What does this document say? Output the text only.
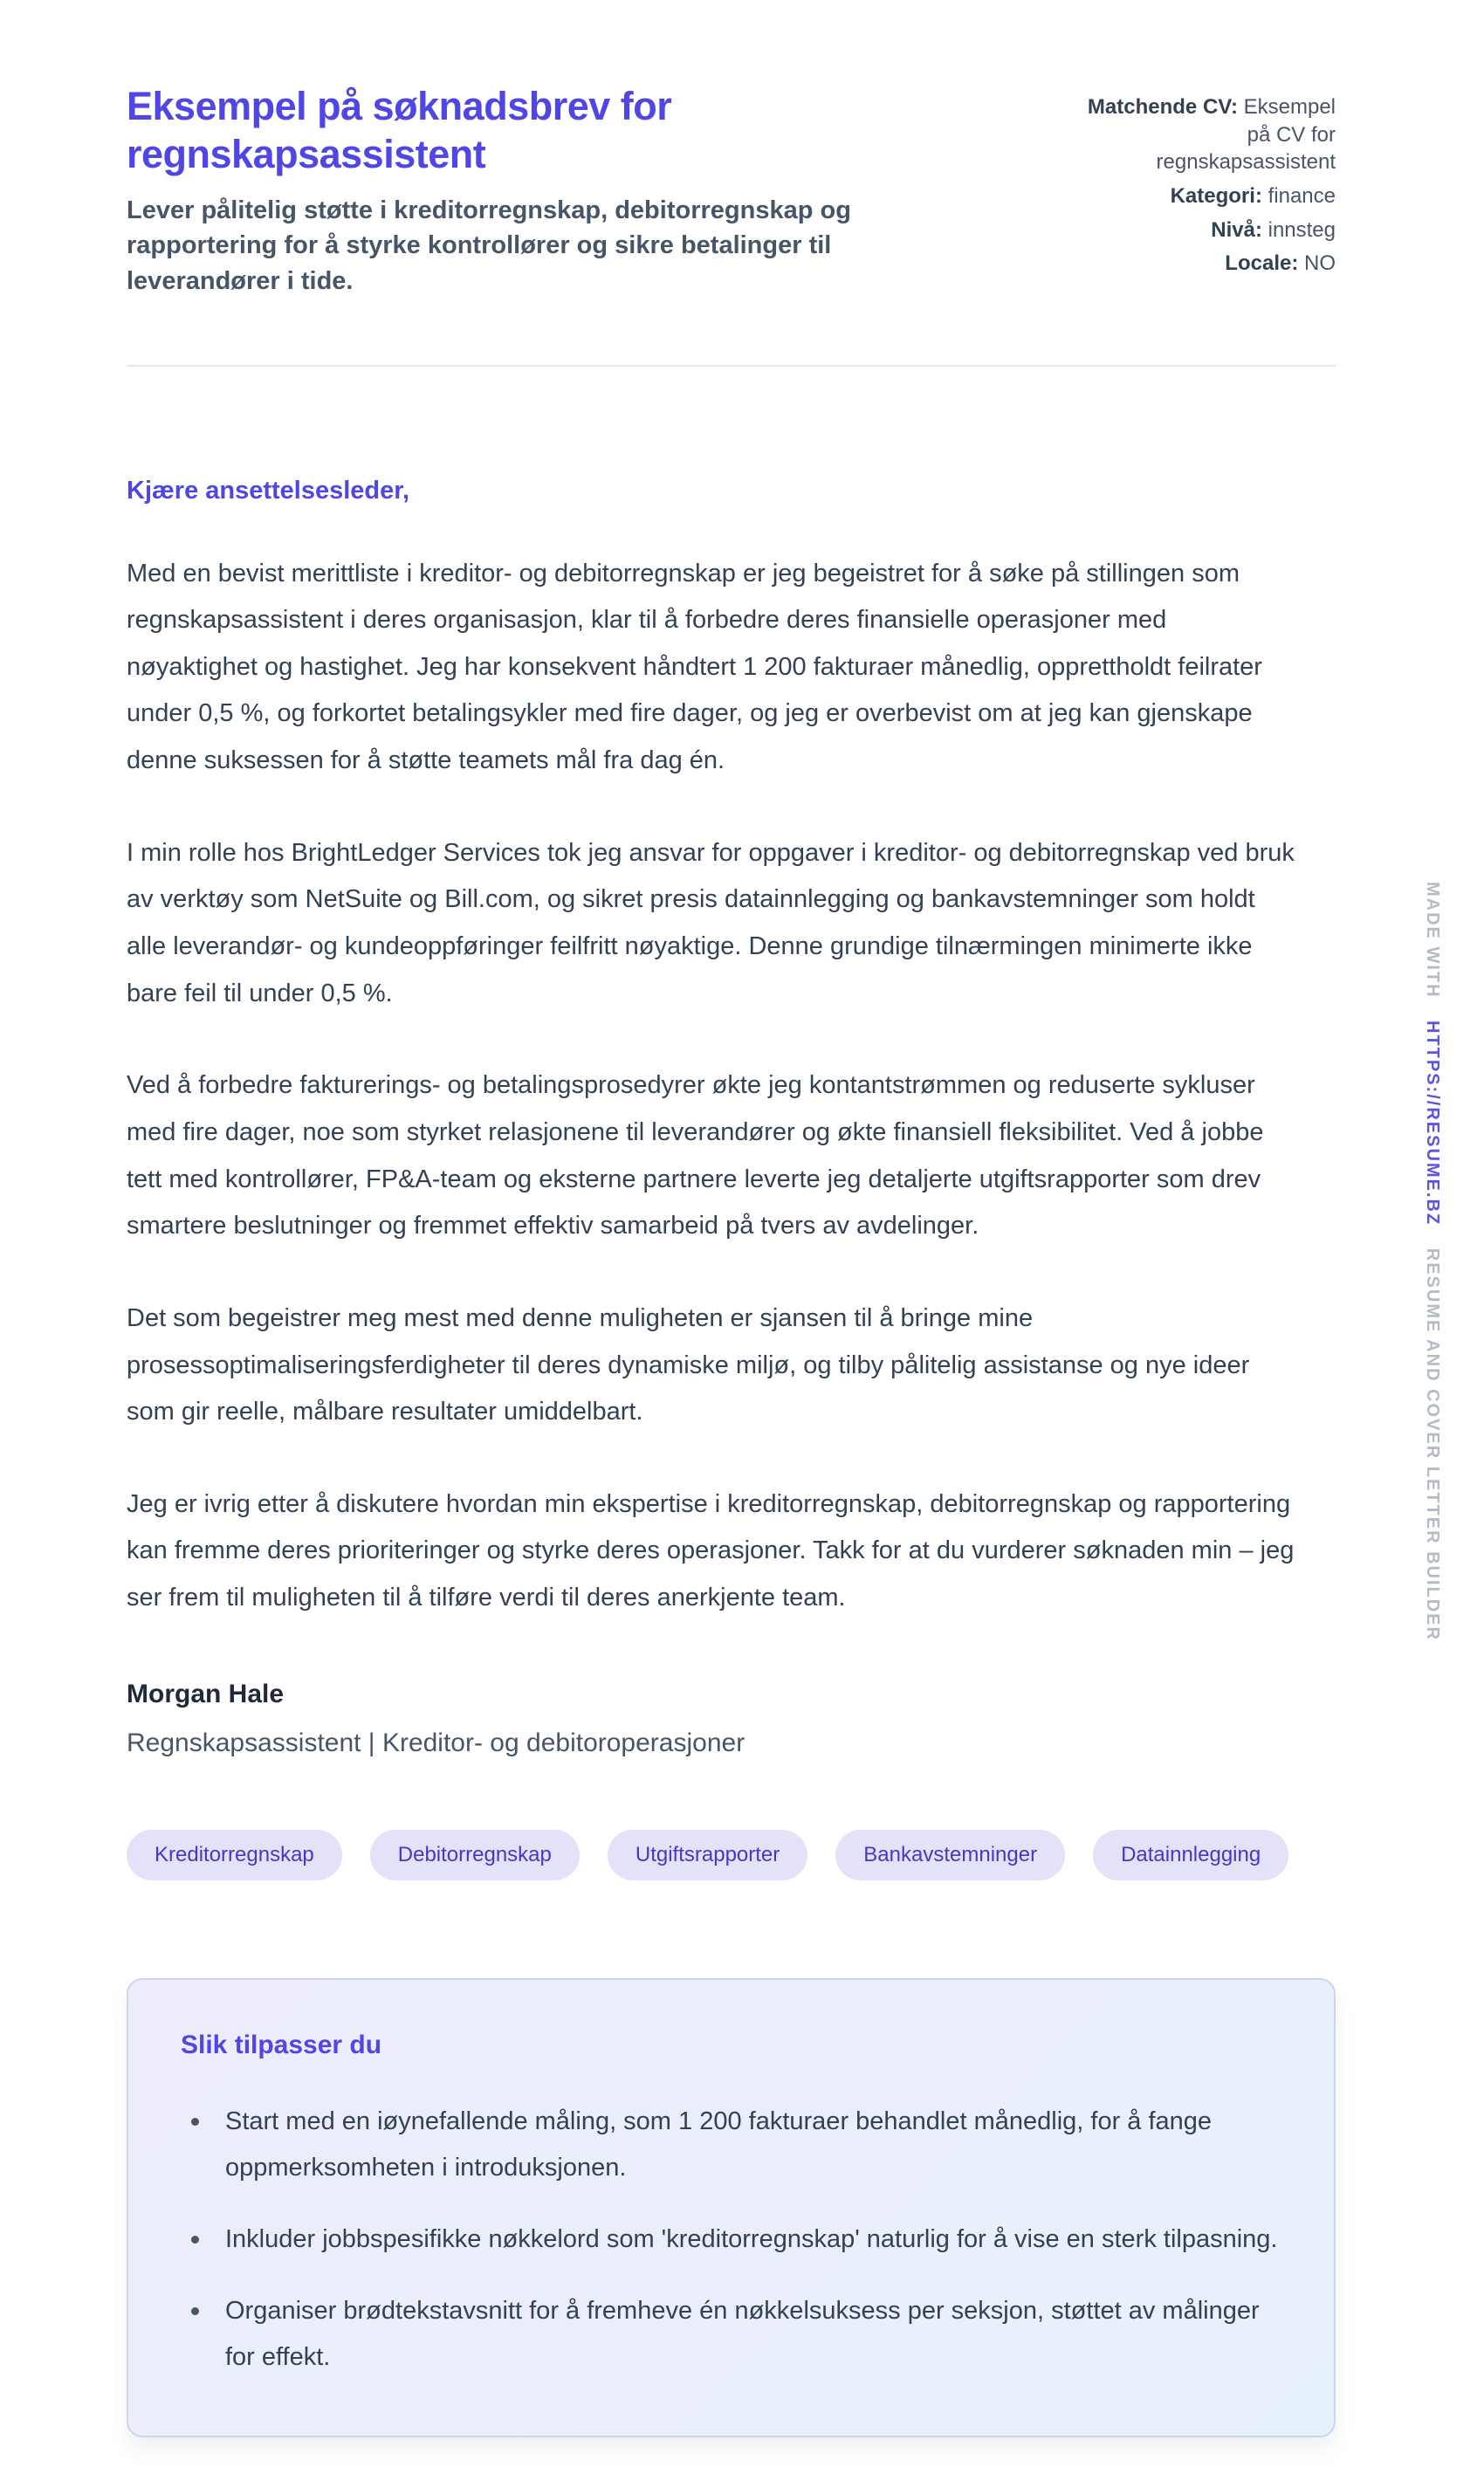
Eksempel på søknadsbrev for regnskapsassistent
Lever pålitelig støtte i kreditorregnskap, debitorregnskap og rapportering for å styrke kontrollører og sikre betalinger til leverandører i tide.
Matchende CV: Eksempel på CV for regnskapsassistent
Kategori: finance
Nivå: innsteg
Locale: NO
Kjære ansettelsesleder,

Med en bevist merittliste i kreditor- og debitorregnskap er jeg begeistret for å søke på stillingen som regnskapsassistent i deres organisasjon, klar til å forbedre deres finansielle operasjoner med nøyaktighet og hastighet. Jeg har konsekvent håndtert 1 200 fakturaer månedlig, opprettholdt feilrater under 0,5 %, og forkortet betalingsykler med fire dager, og jeg er overbevist om at jeg kan gjenskape denne suksessen for å støtte teamets mål fra dag én.

I min rolle hos BrightLedger Services tok jeg ansvar for oppgaver i kreditor- og debitorregnskap ved bruk av verktøy som NetSuite og Bill.com, og sikret presis datainnlegging og bankavstemninger som holdt alle leverandør- og kundeoppføringer feilfritt nøyaktige. Denne grundige tilnærmingen minimerte ikke bare feil til under 0,5 %.

Ved å forbedre fakturerings- og betalingsprosedyrer økte jeg kontantstrømmen og reduserte sykluser med fire dager, noe som styrket relasjonene til leverandører og økte finansiell fleksibilitet. Ved å jobbe tett med kontrollører, FP&A-team og eksterne partnere leverte jeg detaljerte utgiftsrapporter som drev smartere beslutninger og fremmet effektiv samarbeid på tvers av avdelinger.

Det som begeistrer meg mest med denne muligheten er sjansen til å bringe mine prosessoptimaliseringsferdigheter til deres dynamiske miljø, og tilby pålitelig assistanse og nye ideer som gir reelle, målbare resultater umiddelbart.

Jeg er ivrig etter å diskutere hvordan min ekspertise i kreditorregnskap, debitorregnskap og rapportering kan fremme deres prioriteringer og styrke deres operasjoner. Takk for at du vurderer søknaden min – jeg ser frem til muligheten til å tilføre verdi til deres anerkjente team.

Morgan Hale
Regnskapsassistent | Kreditor- og debitoroperasjoner
Kreditorregnskap	Debitorregnskap	Utgiftsrapporter	Bankavstemninger	Datainnlegging
Slik tilpasser du
Start med en iøynefallende måling, som 1 200 fakturaer behandlet månedlig, for å fange oppmerksomheten i introduksjonen.
Inkluder jobbspesifikke nøkkelord som 'kreditorregnskap' naturlig for å vise en sterk tilpasning.
Organiser brødtekstavsnitt for å fremheve én nøkkelsuksess per seksjon, støttet av målinger for effekt.
MADE WITH HTTPS://RESUME.BZ RESUME AND COVER LETTER BUILDER
